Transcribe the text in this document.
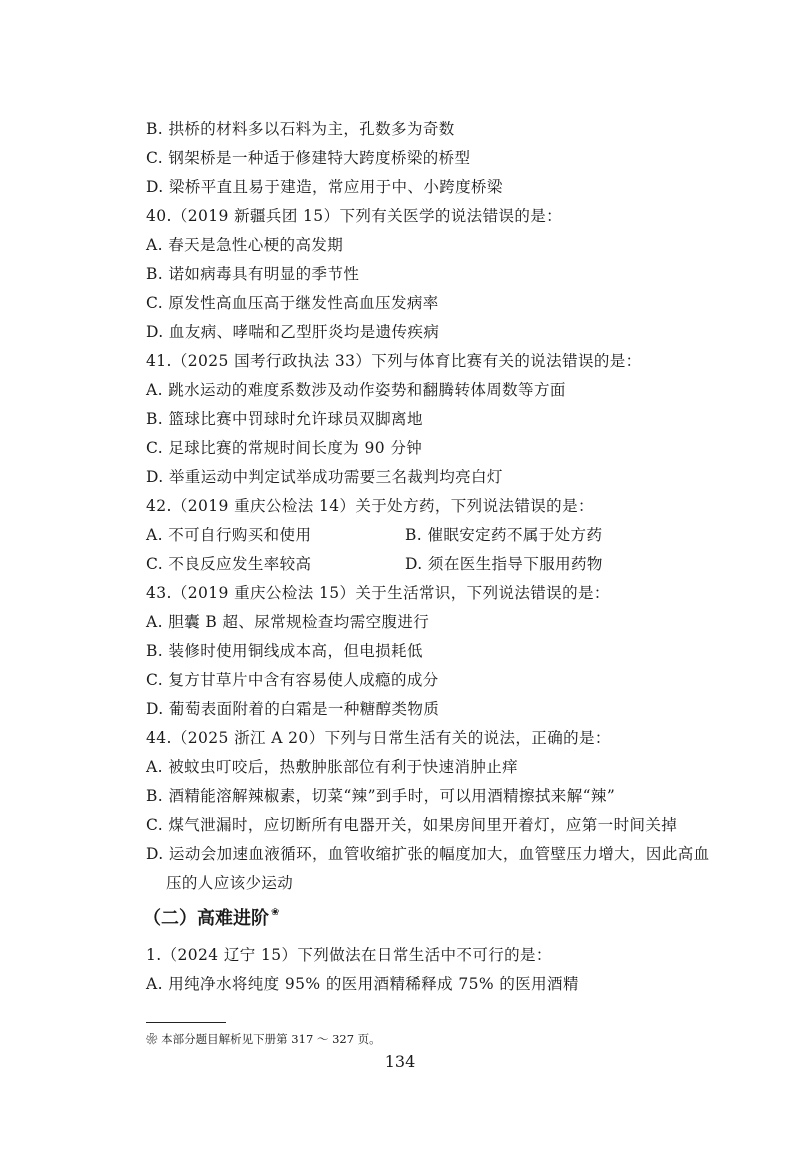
B. 拱桥的材料多以石料为主，孔数多为奇数
C. 钢架桥是一种适于修建特大跨度桥梁的桥型
D. 梁桥平直且易于建造，常应用于中、小跨度桥梁
40.（2019 新疆兵团 15）下列有关医学的说法错误的是：
A. 春天是急性心梗的高发期
B. 诺如病毒具有明显的季节性
C. 原发性高血压高于继发性高血压发病率
D. 血友病、哮喘和乙型肝炎均是遗传疾病
41.（2025 国考行政执法 33）下列与体育比赛有关的说法错误的是：
A. 跳水运动的难度系数涉及动作姿势和翻腾转体周数等方面
B. 篮球比赛中罚球时允许球员双脚离地
C. 足球比赛的常规时间长度为 90 分钟
D. 举重运动中判定试举成功需要三名裁判均亮白灯
42.（2019 重庆公检法 14）关于处方药，下列说法错误的是：
A. 不可自行购买和使用	B. 催眠安定药不属于处方药
C. 不良反应发生率较高	D. 须在医生指导下服用药物
43.（2019 重庆公检法 15）关于生活常识，下列说法错误的是：
A. 胆囊 B 超、尿常规检查均需空腹进行
B. 装修时使用铜线成本高，但电损耗低
C. 复方甘草片中含有容易使人成瘾的成分
D. 葡萄表面附着的白霜是一种糖醇类物质
44.（2025 浙江 A 20）下列与日常生活有关的说法，正确的是：
A. 被蚊虫叮咬后，热敷肿胀部位有利于快速消肿止痒
B. 酒精能溶解辣椒素，切菜“辣”到手时，可以用酒精擦拭来解“辣”
C. 煤气泄漏时，应切断所有电器开关，如果房间里开着灯，应第一时间关掉
D. 运动会加速血液循环，血管收缩扩张的幅度加大，血管壁压力增大，因此高血
压的人应该少运动
（二）高难进阶 ❀
1.（2024 辽宁 15）下列做法在日常生活中不可行的是：
A. 用纯净水将纯度 95% 的医用酒精稀释成 75% 的医用酒精
❀ 本部分题目解析见下册第 317 ～ 327 页。
134
